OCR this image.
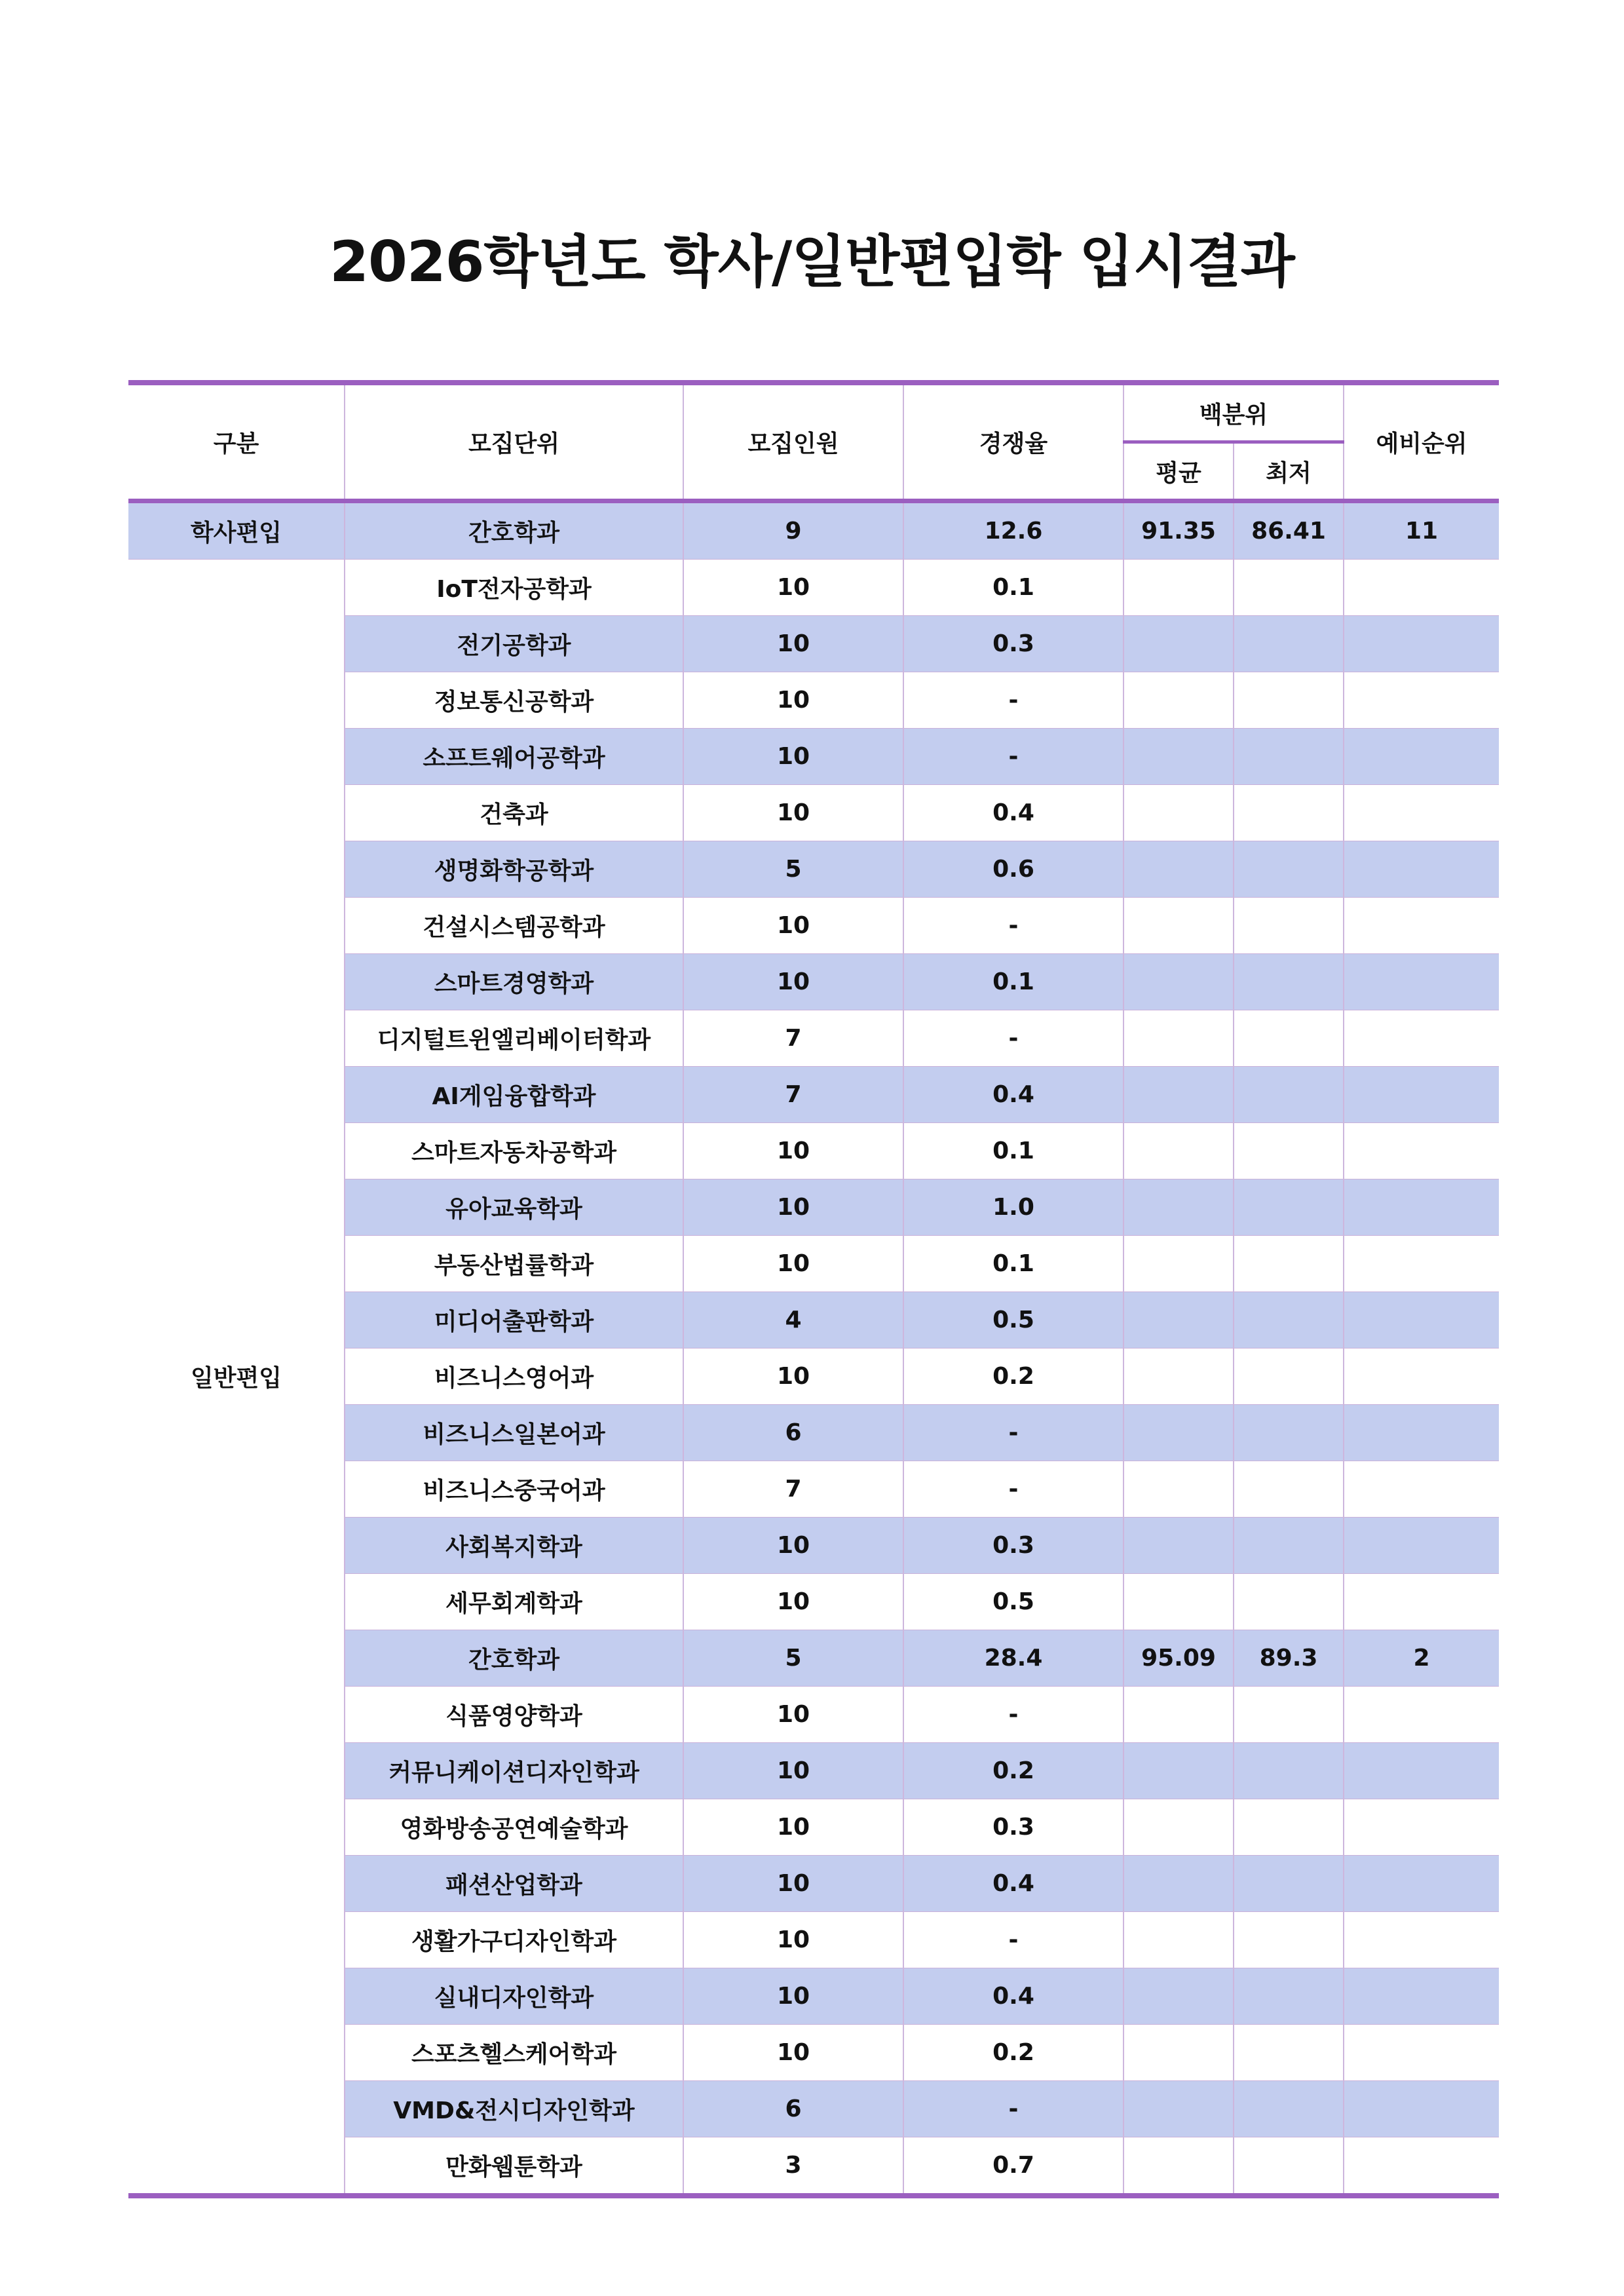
2026학년도 학사/일반편입학 입시결과
구분	모집단위	모집인원	경쟁율	백분위		예비순위
				평균	최저	
학사편입	간호학과	9	12.6	91.35	86.41	11
일반편입	IoT전자공학과	10	0.1			
	전기공학과	10	0.3			
	정보통신공학과	10	-			
	소프트웨어공학과	10	-			
	건축과	10	0.4			
	생명화학공학과	5	0.6			
	건설시스템공학과	10	-			
	스마트경영학과	10	0.1			
	디지털트윈엘리베이터학과	7	-			
	AI게임융합학과	7	0.4			
	스마트자동차공학과	10	0.1			
	유아교육학과	10	1.0			
	부동산법률학과	10	0.1			
	미디어출판학과	4	0.5			
	비즈니스영어과	10	0.2			
	비즈니스일본어과	6	-			
	비즈니스중국어과	7	-			
	사회복지학과	10	0.3			
	세무회계학과	10	0.5			
	간호학과	5	28.4	95.09	89.3	2
	식품영양학과	10	-			
	커뮤니케이션디자인학과	10	0.2			
	영화방송공연예술학과	10	0.3			
	패션산업학과	10	0.4			
	생활가구디자인학과	10	-			
	실내디자인학과	10	0.4			
	스포츠헬스케어학과	10	0.2			
	VMD&전시디자인학과	6	-			
	만화웹툰학과	3	0.7			
